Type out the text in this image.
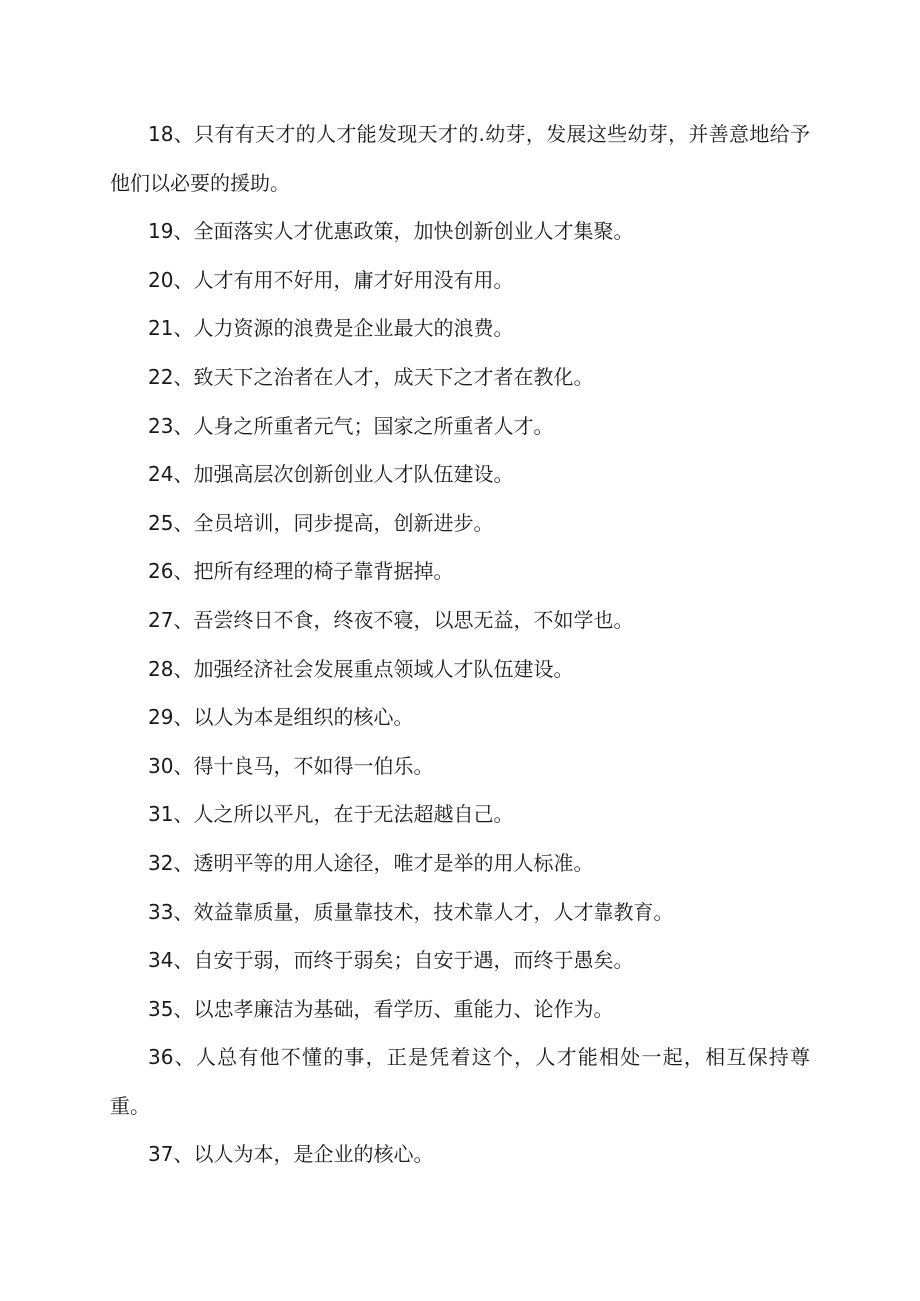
18、只有有天才的人才能发现天才的.幼芽，发展这些幼芽，并善意地给予他们以必要的援助。

19、全面落实人才优惠政策，加快创新创业人才集聚。

20、人才有用不好用，庸才好用没有用。

21、人力资源的浪费是企业最大的浪费。

22、致天下之治者在人才，成天下之才者在教化。

23、人身之所重者元气；国家之所重者人才。

24、加强高层次创新创业人才队伍建设。

25、全员培训，同步提高，创新进步。

26、把所有经理的椅子靠背据掉。

27、吾尝终日不食，终夜不寝，以思无益，不如学也。

28、加强经济社会发展重点领域人才队伍建设。

29、以人为本是组织的核心。

30、得十良马，不如得一伯乐。

31、人之所以平凡，在于无法超越自己。

32、透明平等的用人途径，唯才是举的用人标准。

33、效益靠质量，质量靠技术，技术靠人才，人才靠教育。

34、自安于弱，而终于弱矣；自安于遇，而终于愚矣。

35、以忠孝廉洁为基础，看学历、重能力、论作为。

36、人总有他不懂的事，正是凭着这个，人才能相处一起，相互保持尊重。

37、以人为本，是企业的核心。
